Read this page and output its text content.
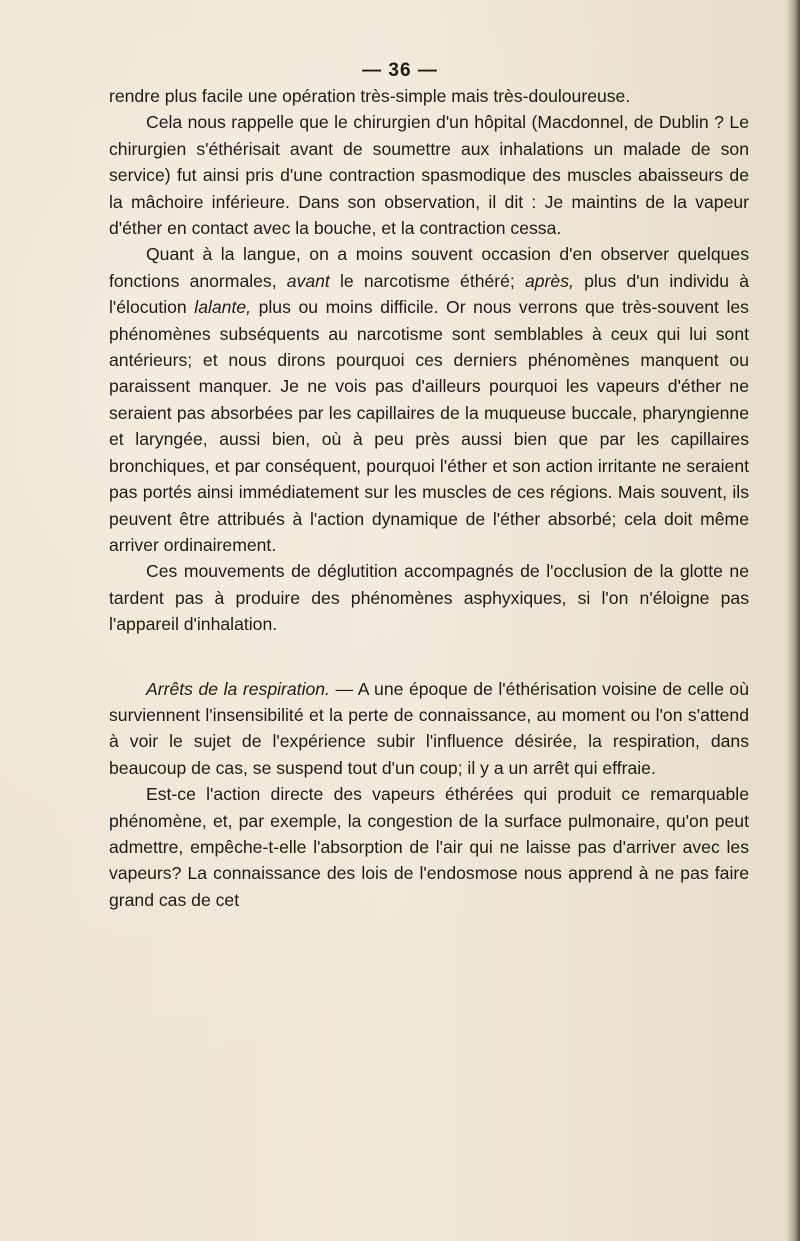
— 36 —

rendre plus facile une opération très-simple mais très-douloureuse.

Cela nous rappelle que le chirurgien d'un hôpital (Macdonnel, de Dublin ? Le chirurgien s'éthérisait avant de soumettre aux inhalations un malade de son service) fut ainsi pris d'une contraction spasmodique des muscles abaisseurs de la mâchoire inférieure. Dans son observation, il dit : Je maintins de la vapeur d'éther en contact avec la bouche, et la contraction cessa.

Quant à la langue, on a moins souvent occasion d'en observer quelques fonctions anormales, avant le narcotisme éthéré; après, plus d'un individu à l'élocution lalante, plus ou moins difficile. Or nous verrons que très-souvent les phénomènes subséquents au narcotisme sont semblables à ceux qui lui sont antérieurs; et nous dirons pourquoi ces derniers phénomènes manquent ou paraissent manquer. Je ne vois pas d'ailleurs pourquoi les vapeurs d'éther ne seraient pas absorbées par les capillaires de la muqueuse buccale, pharyngienne et laryngée, aussi bien, où à peu près aussi bien que par les capillaires bronchiques, et par conséquent, pourquoi l'éther et son action irritante ne seraient pas portés ainsi immédiatement sur les muscles de ces régions. Mais souvent, ils peuvent être attribués à l'action dynamique de l'éther absorbé; cela doit même arriver ordinairement.

Ces mouvements de déglutition accompagnés de l'occlusion de la glotte ne tardent pas à produire des phénomènes asphyxiques, si l'on n'éloigne pas l'appareil d'inhalation.

Arrêts de la respiration. — A une époque de l'éthérisation voisine de celle où surviennent l'insensibilité et la perte de connaissance, au moment ou l'on s'attend à voir le sujet de l'expérience subir l'influence désirée, la respiration, dans beaucoup de cas, se suspend tout d'un coup; il y a un arrêt qui effraie.

Est-ce l'action directe des vapeurs éthérées qui produit ce remarquable phénomène, et, par exemple, la congestion de la surface pulmonaire, qu'on peut admettre, empêche-t-elle l'absorption de l'air qui ne laisse pas d'arriver avec les vapeurs? La connaissance des lois de l'endosmose nous apprend à ne pas faire grand cas de cet
